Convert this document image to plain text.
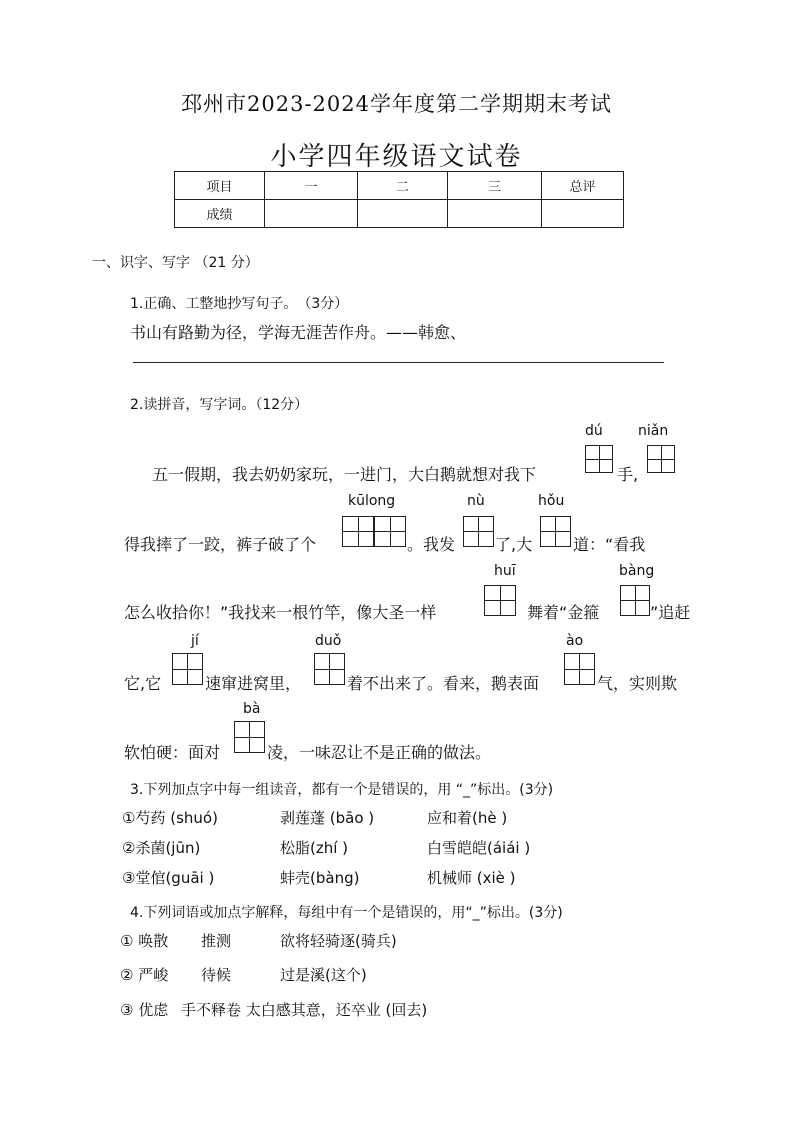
邳州市2023-2024学年度第二学期期末考试
小学四年级语文试卷
项目	一	二	三	总评
成绩				
一、识字、写字 （21 分）
1.正确、工整地抄写句子。　（3分）
书山有路勤为径，学海无涯苦作舟。——韩愈、
2.读拼音，写字词。（12分）
dú	niǎn
五一假期，我去奶奶家玩，一进门，大白鹅就想对我下	手,
kūlong	nù	hǒu
得我摔了一跤，裤子破了个	。我发 了,大	道：“看我
huī	bàng
怎么收拾你！”我找来一根竹竿，像大圣一样	舞着“金箍	”追赶
jí	duǒ	ào
它,它	速窜进窝里，	着不出来了。看来，鹅表面	气，实则欺
bà
软怕硬：面对	凌，一味忍让不是正确的做法。
3.下列加点字中每一组读音，都有一个是错误的，用 “_”标出。(3分)
①芍药 (shuó)	剥莲蓬 (bāo )	应和着(hè )
②杀菌(jūn)	松脂(zhí )	白雪皑皑(áiái )
③堂倌(guāi )	蚌壳(bàng)	机械师 (xiè )
4.下列词语或加点字解释，每组中有一个是错误的，用“_”标出。(3分)
① 唤散 推测	欲将轻骑逐(骑兵)
② 严峻 待候	过是溪(这个)
③ 优虑 手不释卷 太白感其意，还卒业 (回去)
